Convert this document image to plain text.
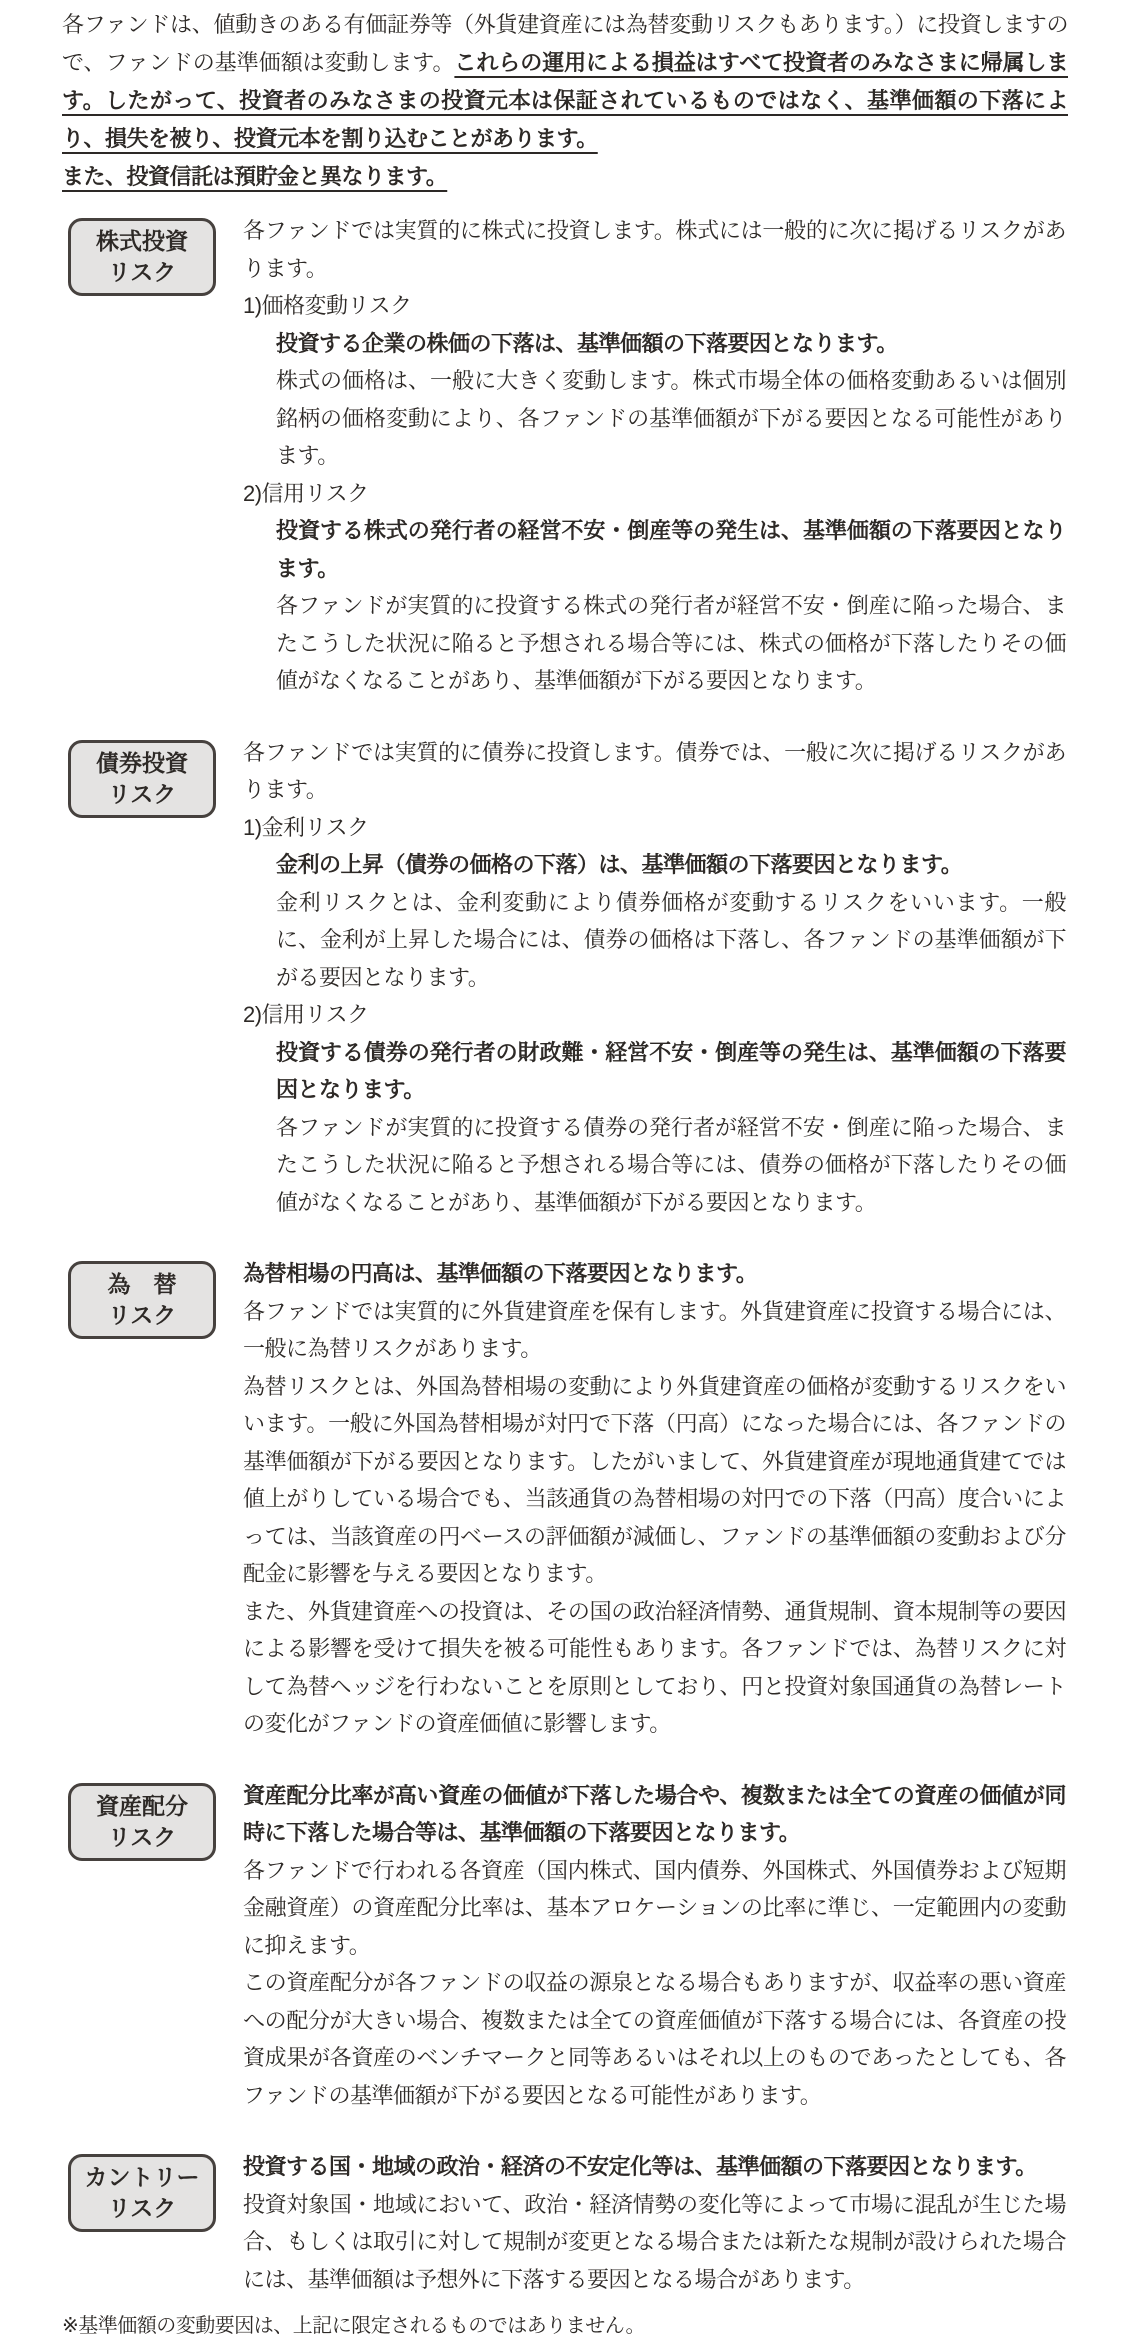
各ファンドは、値動きのある有価証券等（外貨建資産には為替変動リスクもあります。）に投資しますので、ファンドの基準価額は変動します。これらの運用による損益はすべて投資者のみなさまに帰属します。したがって、投資者のみなさまの投資元本は保証されているものではなく、基準価額の下落により、損失を被り、投資元本を割り込むことがあります。

また、投資信託は預貯金と異なります。

株式投資
リスク

各ファンドでは実質的に株式に投資します。株式には一般的に次に掲げるリスクがあります。

1)価格変動リスク

投資する企業の株価の下落は、基準価額の下落要因となります。

株式の価格は、一般に大きく変動します。株式市場全体の価格変動あるいは個別銘柄の価格変動により、各ファンドの基準価額が下がる要因となる可能性があります。

2)信用リスク

投資する株式の発行者の経営不安・倒産等の発生は、基準価額の下落要因となります。

各ファンドが実質的に投資する株式の発行者が経営不安・倒産に陥った場合、またこうした状況に陥ると予想される場合等には、株式の価格が下落したりその価値がなくなることがあり、基準価額が下がる要因となります。

債券投資
リスク

各ファンドでは実質的に債券に投資します。債券では、一般に次に掲げるリスクがあります。

1)金利リスク

金利の上昇（債券の価格の下落）は、基準価額の下落要因となります。

金利リスクとは、金利変動により債券価格が変動するリスクをいいます。一般に、金利が上昇した場合には、債券の価格は下落し、各ファンドの基準価額が下がる要因となります。

2)信用リスク

投資する債券の発行者の財政難・経営不安・倒産等の発生は、基準価額の下落要因となります。

各ファンドが実質的に投資する債券の発行者が経営不安・倒産に陥った場合、またこうした状況に陥ると予想される場合等には、債券の価格が下落したりその価値がなくなることがあり、基準価額が下がる要因となります。

為　替
リスク

為替相場の円高は、基準価額の下落要因となります。

各ファンドでは実質的に外貨建資産を保有します。外貨建資産に投資する場合には、一般に為替リスクがあります。

為替リスクとは、外国為替相場の変動により外貨建資産の価格が変動するリスクをいいます。一般に外国為替相場が対円で下落（円高）になった場合には、各ファンドの基準価額が下がる要因となります。したがいまして、外貨建資産が現地通貨建てでは値上がりしている場合でも、当該通貨の為替相場の対円での下落（円高）度合いによっては、当該資産の円ベースの評価額が減価し、ファンドの基準価額の変動および分配金に影響を与える要因となります。

また、外貨建資産への投資は、その国の政治経済情勢、通貨規制、資本規制等の要因による影響を受けて損失を被る可能性もあります。各ファンドでは、為替リスクに対して為替ヘッジを行わないことを原則としており、円と投資対象国通貨の為替レートの変化がファンドの資産価値に影響します。

資産配分
リスク

資産配分比率が高い資産の価値が下落した場合や、複数または全ての資産の価値が同時に下落した場合等は、基準価額の下落要因となります。

各ファンドで行われる各資産（国内株式、国内債券、外国株式、外国債券および短期金融資産）の資産配分比率は、基本アロケーションの比率に準じ、一定範囲内の変動に抑えます。

この資産配分が各ファンドの収益の源泉となる場合もありますが、収益率の悪い資産への配分が大きい場合、複数または全ての資産価値が下落する場合には、各資産の投資成果が各資産のベンチマークと同等あるいはそれ以上のものであったとしても、各ファンドの基準価額が下がる要因となる可能性があります。

カントリー
リスク

投資する国・地域の政治・経済の不安定化等は、基準価額の下落要因となります。

投資対象国・地域において、政治・経済情勢の変化等によって市場に混乱が生じた場合、もしくは取引に対して規制が変更となる場合または新たな規制が設けられた場合には、基準価額は予想外に下落する要因となる場合があります。

※基準価額の変動要因は、上記に限定されるものではありません。
